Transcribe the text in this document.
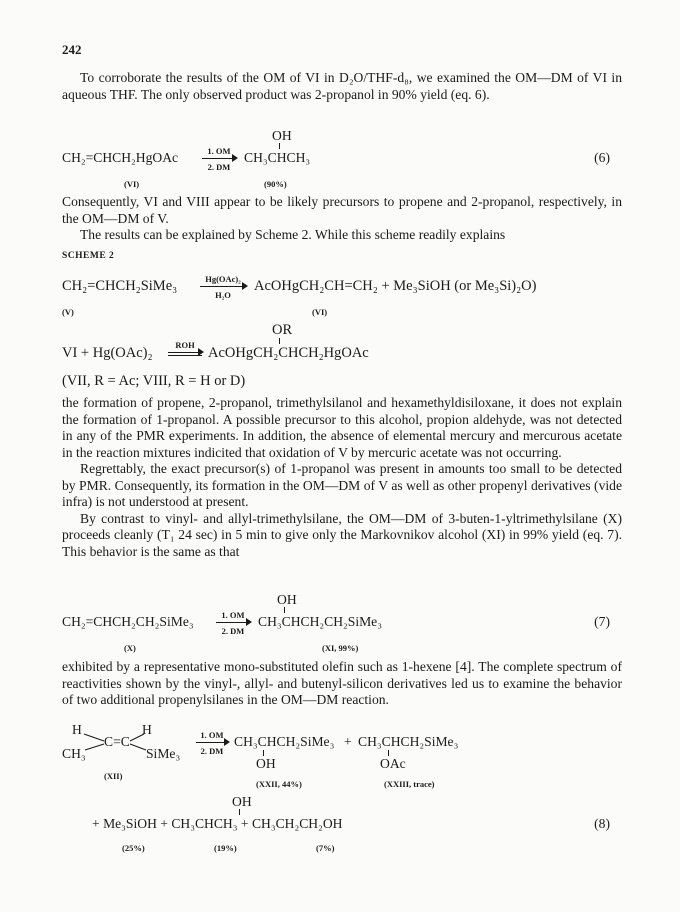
242

To corroborate the results of the OM of VI in D₂O/THF-d₈, we examined the OM—DM of VI in aqueous THF. The only observed product was 2-propanol in 90% yield (eq. 6).

OH
CH₂=CHCH₂HgOAc	1. OM
2. DM
CH₃CHCH₃	(6)
(VI)	(90%)

Consequently, VI and VIII appear to be likely precursors to propene and 2-propanol, respectively, in the OM—DM of V.

The results can be explained by Scheme 2. While this scheme readily explains

SCHEME 2
CH₂=CHCH₂SiMe₃	Hg(OAc)₂
H₂O
AcOHgCH₂CH=CH₂ + Me₃SiOH (or Me₃Si)₂O)
(V)	(VI)
OR
VI + Hg(OAc)₂	ROH AcOHgCH₂CHCH₂HgOAc
(VII, R = Ac; VIII, R = H or D)

the formation of propene, 2-propanol, trimethylsilanol and hexamethyldisiloxane, it does not explain the formation of 1-propanol. A possible precursor to this alcohol, propion aldehyde, was not detected in any of the PMR experiments. In addition, the absence of elemental mercury and mercurous acetate in the reaction mixtures indicited that oxidation of V by mercuric acetate was not occurring.

Regrettably, the exact precursor(s) of 1-propanol was present in amounts too small to be detected by PMR. Consequently, its formation in the OM—DM of V as well as other propenyl derivatives (vide infra) is not understood at present.

By contrast to vinyl- and allyl-trimethylsilane, the OM—DM of 3-buten-1-yltrimethylsilane (X) proceeds cleanly (T₁ 24 sec) in 5 min to give only the Markovnikov alcohol (XI) in 99% yield (eq. 7). This behavior is the same as that

OH
CH₂=CHCH₂CH₂SiMe₃	1. OM
2. DM
CH₃CHCH₂CH₂SiMe₃	(7)
(X)	(XI, 99%)

exhibited by a representative mono-substituted olefin such as 1-hexene [4]. The complete spectrum of reactivities shown by the vinyl-, allyl- and butenyl-silicon derivatives led us to examine the behavior of two additional propenylsilanes in the OM—DM reaction.

H	H
CH₃
C=C
SiMe₃
(XII)
1. OM
2. DM
CH₃CHCH₂SiMe₃
OH
+ CH₃CHCH₂SiMe₃
OAc
(XXII, 44%)	(XXIII, trace)
OH
+ Me₃SiOH + CH₃CHCH₃ + CH₃CH₂CH₂OH	(8)
(25%)	(19%)	(7%)
